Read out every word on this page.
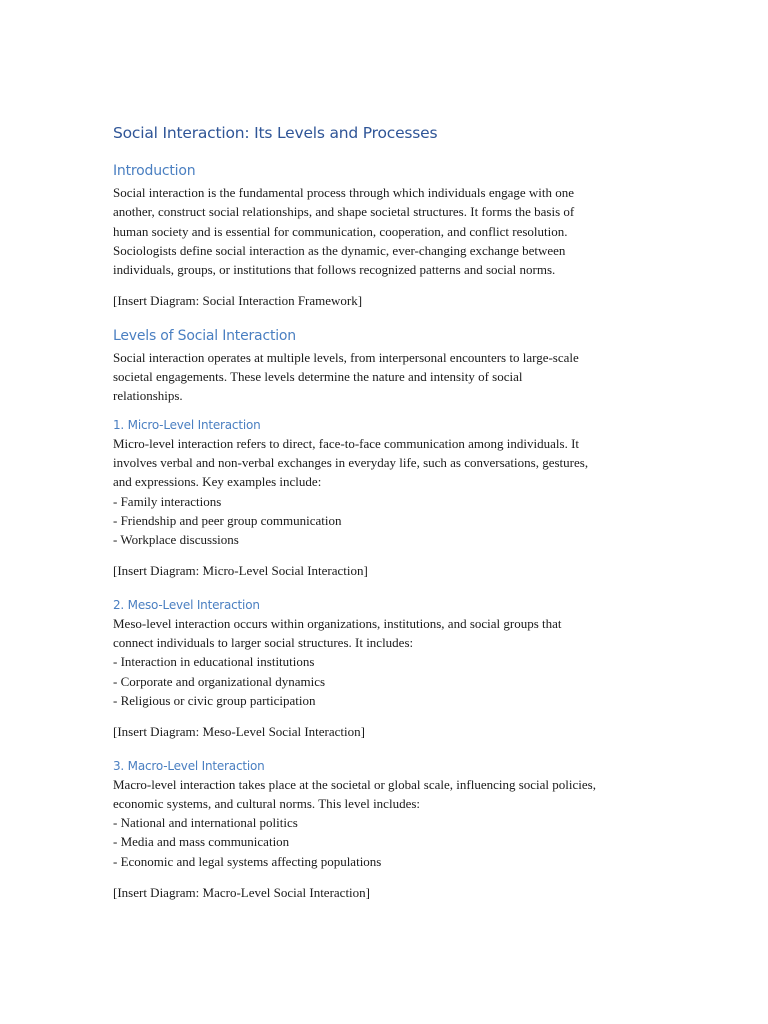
Social Interaction: Its Levels and Processes
Introduction

Social interaction is the fundamental process through which individuals engage with one

another, construct social relationships, and shape societal structures. It forms the basis of

human society and is essential for communication, cooperation, and conflict resolution.

Sociologists define social interaction as the dynamic, ever-changing exchange between

individuals, groups, or institutions that follows recognized patterns and social norms.

[Insert Diagram: Social Interaction Framework]
Levels of Social Interaction

Social interaction operates at multiple levels, from interpersonal encounters to large-scale

societal engagements. These levels determine the nature and intensity of social

relationships.

1. Micro-Level Interaction

Micro-level interaction refers to direct, face-to-face communication among individuals. It

involves verbal and non-verbal exchanges in everyday life, such as conversations, gestures,

and expressions. Key examples include:

- Family interactions
- Friendship and peer group communication
- Workplace discussions
[Insert Diagram: Micro-Level Social Interaction]
2. Meso-Level Interaction

Meso-level interaction occurs within organizations, institutions, and social groups that

connect individuals to larger social structures. It includes:

- Interaction in educational institutions
- Corporate and organizational dynamics
- Religious or civic group participation
[Insert Diagram: Meso-Level Social Interaction]
3. Macro-Level Interaction

Macro-level interaction takes place at the societal or global scale, influencing social policies,

economic systems, and cultural norms. This level includes:

- National and international politics
- Media and mass communication
- Economic and legal systems affecting populations
[Insert Diagram: Macro-Level Social Interaction]
